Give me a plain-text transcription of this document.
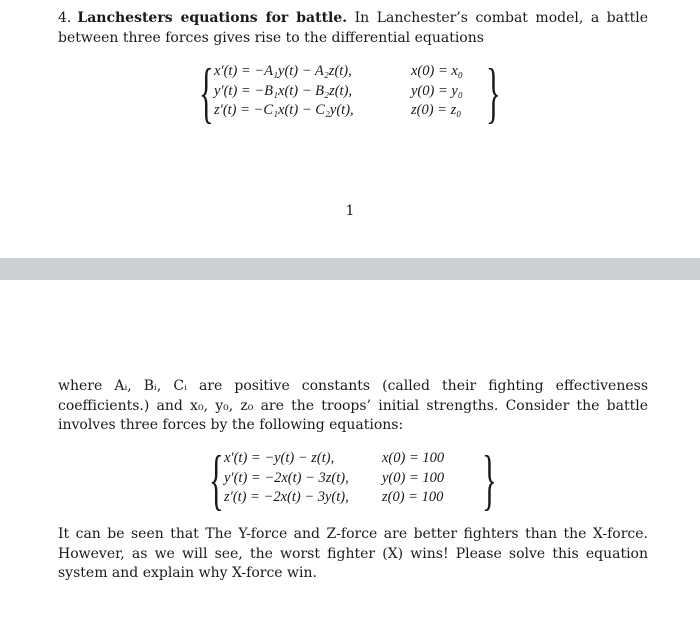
4. Lanchesters equations for battle. In Lanchester’s combat model, a battle between three forces gives rise to the differential equations
{ x′(t) = −A₁y(t) − A₂z(t),	x(0) = x₀
y′(t) = −B₁x(t) − B₂z(t),	y(0) = y₀
z′(t) = −C₁x(t) − C₂y(t),	z(0) = z₀ }
1
where Aᵢ, Bᵢ, Cᵢ are positive constants (called their fighting effectiveness coefficients.) and x₀, y₀, z₀ are the troops’ initial strengths. Consider the battle involves three forces by the following equations:
{ x′(t) = −y(t) − z(t),	x(0) = 100
y′(t) = −2x(t) − 3z(t), y(0) = 100
z′(t) = −2x(t) − 3y(t), z(0) = 100 }
It can be seen that The Y-force and Z-force are better fighters than the X-force. However, as we will see, the worst fighter (X) wins! Please solve this equation system and explain why X-force win.
